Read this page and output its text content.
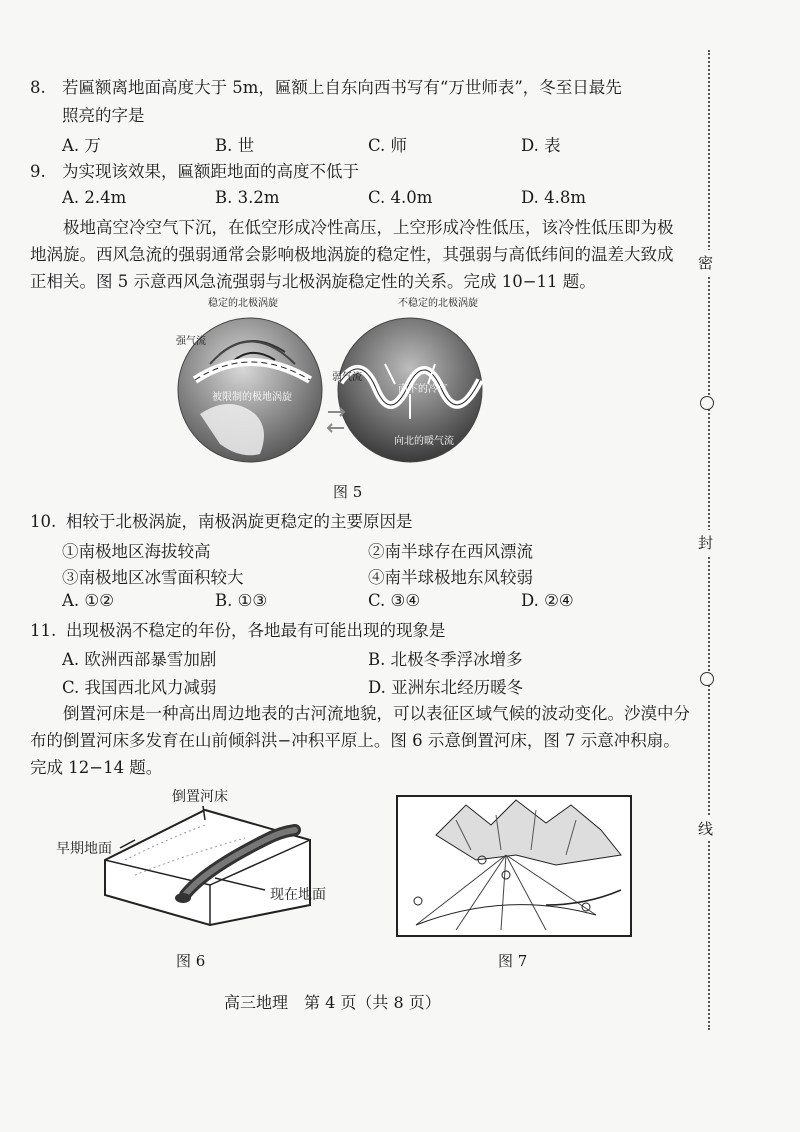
8. 若匾额离地面高度大于 5m，匾额上自东向西书写有“万世师表”，冬至日最先
照亮的字是
A. 万	B. 世	C. 师	D. 表
9. 为实现该效果，匾额距地面的高度不低于
A. 2.4m	B. 3.2m	C. 4.0m	D. 4.8m
极地高空冷空气下沉，在低空形成冷性高压，上空形成冷性低压，该冷性低压即为极地涡旋。西风急流的强弱通常会影响极地涡旋的稳定性，其强弱与高低纬间的温差大致成正相关。图 5 示意西风急流强弱与北极涡旋稳定性的关系。完成 10−11 题。
稳定的北极涡旋	不稳定的北极涡旋
强气流
弱气流
被限制的极地涡旋
南下的冷气
向北的暖气流
图 5
10. 相较于北极涡旋，南极涡旋更稳定的主要原因是
①南极地区海拔较高	②南半球存在西风漂流
③南极地区冰雪面积较大	④南半球极地东风较弱
A. ①②	B. ①③	C. ③④	D. ②④
11. 出现极涡不稳定的年份，各地最有可能出现的现象是
A. 欧洲西部暴雪加剧	B. 北极冬季浮冰增多
C. 我国西北风力减弱	D. 亚洲东北经历暖冬
倒置河床是一种高出周边地表的古河流地貌，可以表征区域气候的波动变化。沙漠中分布的倒置河床多发育在山前倾斜洪−冲积平原上。图 6 示意倒置河床，图 7 示意冲积扇。完成 12−14 题。
倒置河床
早期地面
现在地面
图 6	图 7
高三地理　第 4 页（共 8 页）
密
封
线
